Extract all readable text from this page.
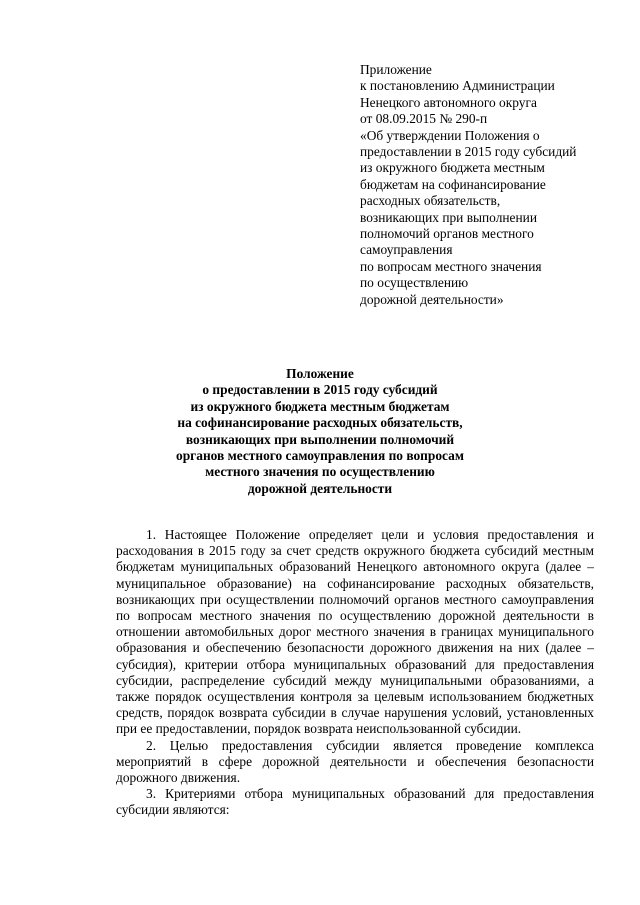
Приложение
к постановлению Администрации
Ненецкого автономного округа
от 08.09.2015 № 290-п
«Об утверждении Положения о
предоставлении в 2015 году субсидий
из окружного бюджета местным
бюджетам на софинансирование
расходных обязательств,
возникающих при выполнении
полномочий органов местного
самоуправления
по вопросам местного значения
по осуществлению
дорожной деятельности»
Положение
о предоставлении в 2015 году субсидий
из окружного бюджета местным бюджетам
на софинансирование расходных обязательств,
возникающих при выполнении полномочий
органов местного самоуправления по вопросам
местного значения по осуществлению
дорожной деятельности

1. Настоящее Положение определяет цели и условия предоставления и расходования в 2015 году за счет средств окружного бюджета субсидий местным бюджетам муниципальных образований Ненецкого автономного округа (далее – муниципальное образование) на софинансирование расходных обязательств, возникающих при осуществлении полномочий органов местного самоуправления по вопросам местного значения по осуществлению дорожной деятельности в отношении автомобильных дорог местного значения в границах муниципального образования и обеспечению безопасности дорожного движения на них (далее – субсидия), критерии отбора муниципальных образований для предоставления субсидии, распределение субсидий между муниципальными образованиями, а также порядок осуществления контроля за целевым использованием бюджетных средств, порядок возврата субсидии в случае нарушения условий, установленных при ее предоставлении, порядок возврата неиспользованной субсидии.

2. Целью предоставления субсидии является проведение комплекса мероприятий в сфере дорожной деятельности и обеспечения безопасности дорожного движения.

3. Критериями отбора муниципальных образований для предоставления субсидии являются:
